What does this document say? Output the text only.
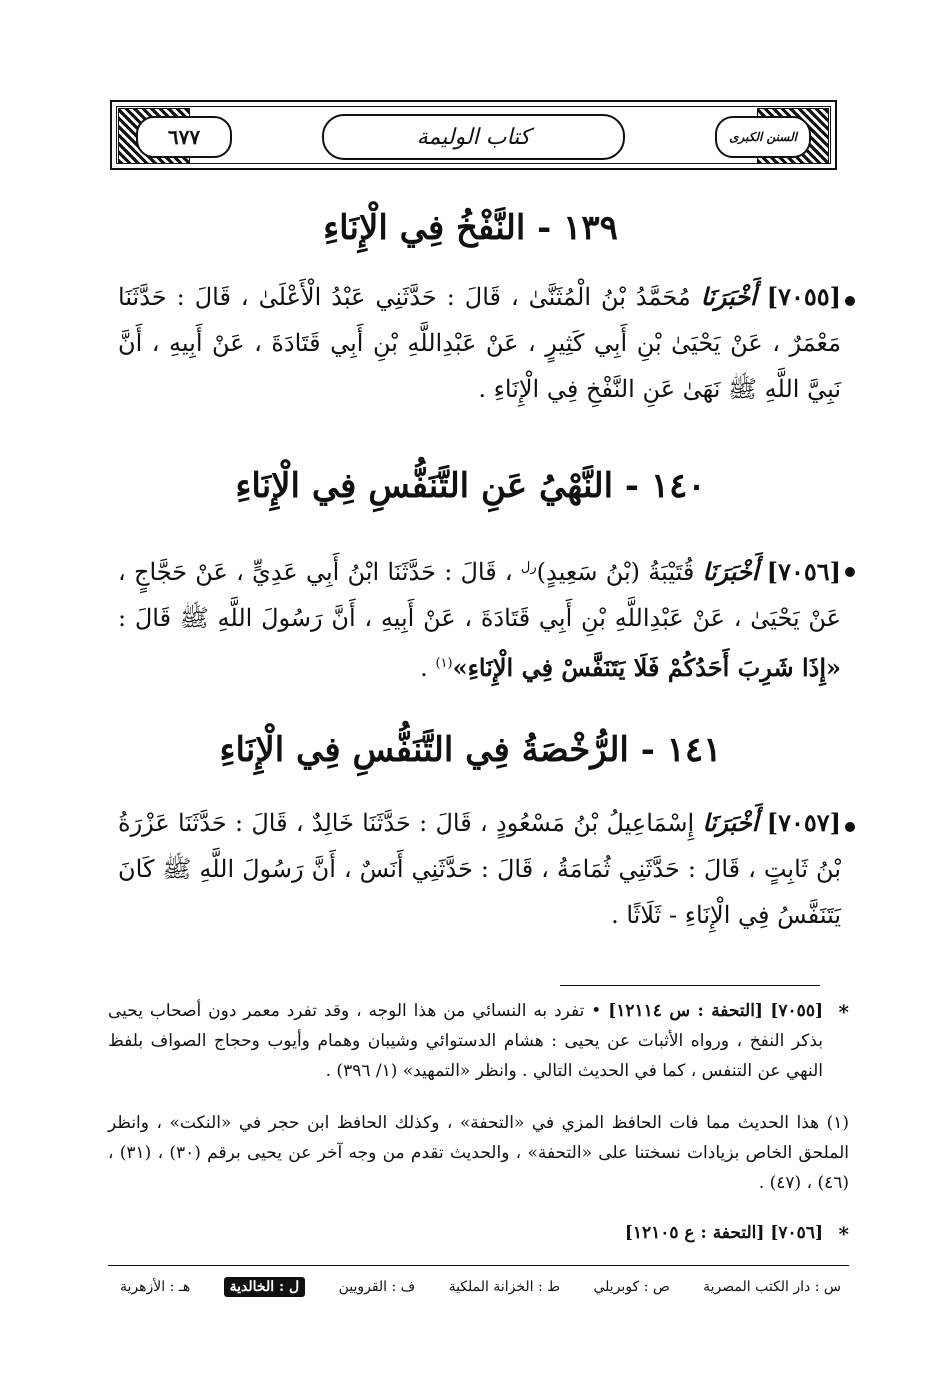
٦٧٧	السنن الكبرى
كتاب الوليمة
١٣٩ - النَّفْخُ فِي الْإِنَاءِ
[٧٠٥٥] أَخْبَرَنَا مُحَمَّدُ بْنُ الْمُثَنَّىٰ ، قَالَ : حَدَّثَنِي عَبْدُ الْأَعْلَىٰ ، قَالَ : حَدَّثَنَا مَعْمَرٌ ، عَنْ يَحْيَىٰ بْنِ أَبِي كَثِيرٍ ، عَنْ عَبْدِاللَّهِ بْنِ أَبِي قَتَادَةَ ، عَنْ أَبِيهِ ، أَنَّ نَبِيَّ اللَّهِ ﷺ نَهَىٰ عَنِ النَّفْخِ فِي الْإِنَاءِ .
١٤٠ - النَّهْيُ عَنِ التَّنَفُّسِ فِي الْإِنَاءِ
[٧٠٥٦] أَخْبَرَنَا قُتَيْبَةُ (بْنُ سَعِيدٍ)$^{رل}$ ، قَالَ : حَدَّثَنَا ابْنُ أَبِي عَدِيٍّ ، عَنْ حَجَّاجٍ ، عَنْ يَحْيَىٰ ، عَنْ عَبْدِاللَّهِ بْنِ أَبِي قَتَادَةَ ، عَنْ أَبِيهِ ، أَنَّ رَسُولَ اللَّهِ ﷺ قَالَ : «إِذَا شَرِبَ أَحَدُكُمْ فَلَا يَتَنَفَّسْ فِي الْإِنَاءِ»$^{(١)}$ .
١٤١ - الرُّخْصَةُ فِي التَّنَفُّسِ فِي الْإِنَاءِ
[٧٠٥٧] أَخْبَرَنَا إِسْمَاعِيلُ بْنُ مَسْعُودٍ ، قَالَ : حَدَّثَنَا خَالِدٌ ، قَالَ : حَدَّثَنَا عَزْرَةُ بْنُ ثَابِتٍ ، قَالَ : حَدَّثَنِي ثُمَامَةُ ، قَالَ : حَدَّثَنِي أَنَسٌ ، أَنَّ رَسُولَ اللَّهِ ﷺ كَانَ يَتَنَفَّسُ فِي الْإِنَاءِ - ثَلَاثًا .
*
[٧٠٥٥] [التحفة : س ١٢١١٤] • تفرد به النسائي من هذا الوجه ، وقد تفرد معمر دون أصحاب يحيى بذكر النفخ ، ورواه الأثبات عن يحيى : هشام الدستوائي وشيبان وهمام وأيوب وحجاج الصواف بلفظ النهي عن التنفس ، كما في الحديث التالي . وانظر «التمهيد» (١/ ٣٩٦) .
(١) هذا الحديث مما فات الحافظ المزي في «التحفة» ، وكذلك الحافظ ابن حجر في «النكت» ، وانظر الملحق الخاص بزيادات نسختنا على «التحفة» ، والحديث تقدم من وجه آخر عن يحيى برقم (٣٠) ، (٣١) ، (٤٦) ، (٤٧) .
*
[٧٠٥٦] [التحفة : ع ١٢١٠٥]
س : دار الكتب المصرية
ص : كوبريلي
ط : الخزانة الملكية
ف : القرويين
ل : الخالدية
هـ : الأزهرية
